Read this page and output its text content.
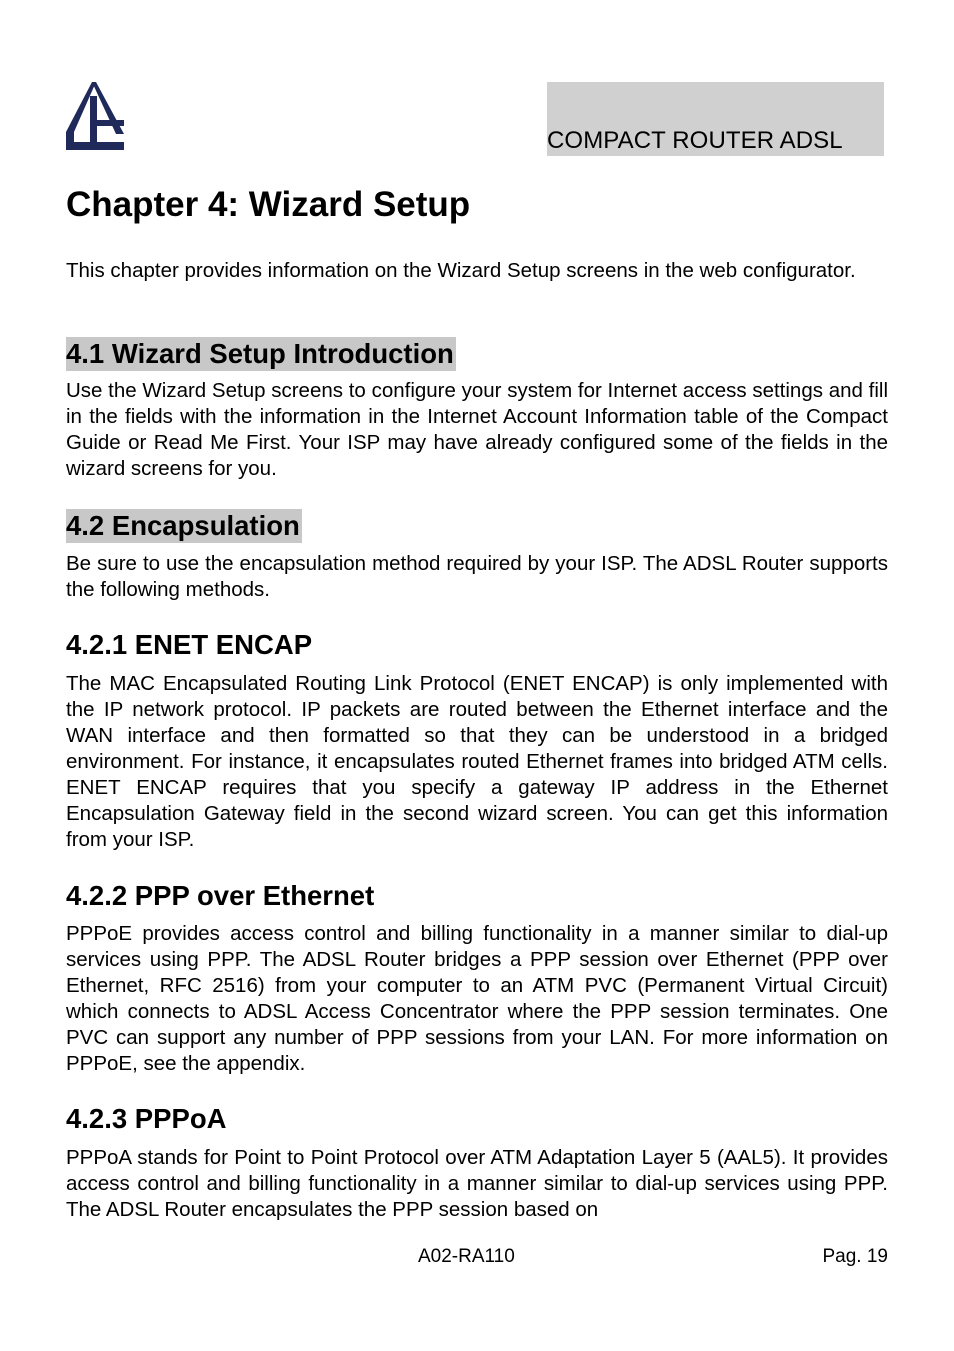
COMPACT ROUTER ADSL
Chapter 4: Wizard Setup

This chapter provides information on the Wizard Setup screens in the web configurator.

4.1 Wizard Setup Introduction

Use the Wizard Setup screens to configure your system for Internet access settings and fill in the fields with the information in the Internet Account Information table of the Compact Guide or Read Me First. Your ISP may have already configured some of the fields in the wizard screens for you.

4.2 Encapsulation

Be sure to use the encapsulation method required by your ISP. The ADSL Router supports the following methods.

4.2.1 ENET ENCAP

The MAC Encapsulated Routing Link Protocol (ENET ENCAP) is only implemented with the IP network protocol. IP packets are routed between the Ethernet interface and the WAN interface and then formatted so that they can be understood in a bridged environment. For instance, it encapsulates routed Ethernet frames into bridged ATM cells. ENET ENCAP requires that you specify a gateway IP address in the Ethernet Encapsulation Gateway field in the second wizard screen. You can get this information from your ISP.

4.2.2 PPP over Ethernet

PPPoE provides access control and billing functionality in a manner similar to dial-up services using PPP. The ADSL Router bridges a PPP session over Ethernet (PPP over Ethernet, RFC 2516) from your computer to an ATM PVC (Permanent Virtual Circuit) which connects to ADSL Access Concentrator where the PPP session terminates. One PVC can support any number of PPP sessions from your LAN. For more information on PPPoE, see the appendix.

4.2.3 PPPoA

PPPoA stands for Point to Point Protocol over ATM Adaptation Layer 5 (AAL5). It provides access control and billing functionality in a manner similar to dial-up services using PPP. The ADSL Router encapsulates the PPP session based on

A02-RA110	Pag. 19
